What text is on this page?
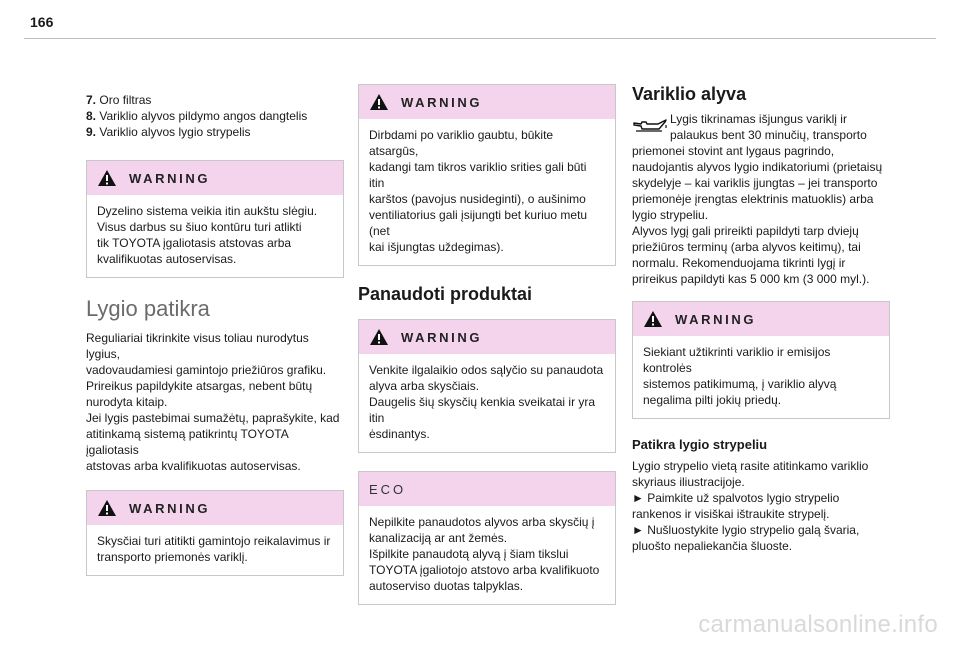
166
7. Oro filtras
8. Variklio alyvos pildymo angos dangtelis
9. Variklio alyvos lygio strypelis
WARNING

Dyzelino sistema veikia itin aukštu slėgiu.

Visus darbus su šiuo kontūru turi atlikti

tik TOYOTA įgaliotasis atstovas arba

kvalifikuotas autoservisas.

Lygio patikra

Reguliariai tikrinkite visus toliau nurodytus lygius,

vadovaudamiesi gamintojo priežiūros grafiku.

Prireikus papildykite atsargas, nebent būtų

nurodyta kitaip.

Jei lygis pastebimai sumažėtų, paprašykite, kad

atitinkamą sistemą patikrintų TOYOTA įgaliotasis

atstovas arba kvalifikuotas autoservisas.

WARNING

Skysčiai turi atitikti gamintojo reikalavimus ir

transporto priemonės variklį.

WARNING

Dirbdami po variklio gaubtu, būkite atsargūs,

kadangi tam tikros variklio srities gali būti itin

karštos (pavojus nusideginti), o aušinimo

ventiliatorius gali įsijungti bet kuriuo metu (net

kai išjungtas uždegimas).

Panaudoti produktai
WARNING

Venkite ilgalaikio odos sąlyčio su panaudota

alyva arba skysčiais.

Daugelis šių skysčių kenkia sveikatai ir yra itin

ėsdinantys.

ECO

Nepilkite panaudotos alyvos arba skysčių į

kanalizaciją ar ant žemės.

Išpilkite panaudotą alyvą į šiam tikslui

TOYOTA įgaliotojo atstovo arba kvalifikuoto

autoserviso duotas talpyklas.

Variklio alyva

Lygis tikrinamas išjungus variklį ir

palaukus bent 30 minučių, transporto

priemonei stovint ant lygaus pagrindo,

naudojantis alyvos lygio indikatoriumi (prietaisų

skydelyje – kai variklis įjungtas – jei transporto

priemonėje įrengtas elektrinis matuoklis) arba

lygio strypeliu.

Alyvos lygį gali prireikti papildyti tarp dviejų

priežiūros terminų (arba alyvos keitimų), tai

normalu. Rekomenduojama tikrinti lygį ir

prireikus papildyti kas 5 000 km (3 000 myl.).

WARNING

Siekiant užtikrinti variklio ir emisijos kontrolės

sistemos patikimumą, į variklio alyvą

negalima pilti jokių priedų.

Patikra lygio strypeliu

Lygio strypelio vietą rasite atitinkamo variklio

skyriaus iliustracijoje.

► Paimkite už spalvotos lygio strypelio

rankenos ir visiškai ištraukite strypelį.

► Nušluostykite lygio strypelio galą švaria,

pluošto nepaliekančia šluoste.

carmanualsonline.info
